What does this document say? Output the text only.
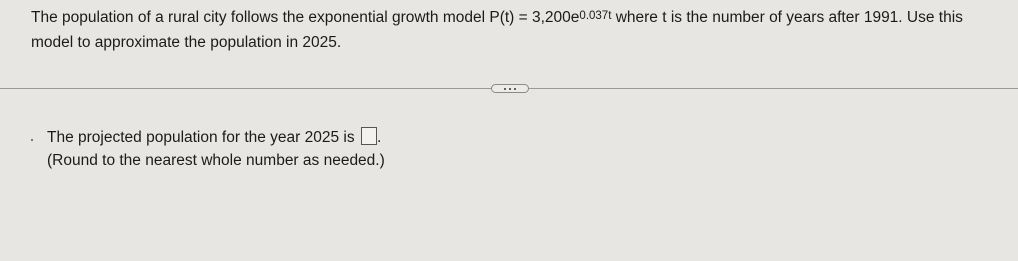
The population of a rural city follows the exponential growth model $P(t) = 3,200e^{0.037t}$ where t is the number of years after 1991. Use this
model to approximate the population in 2025.
The projected population for the year 2025 is .
(Round to the nearest whole number as needed.)
